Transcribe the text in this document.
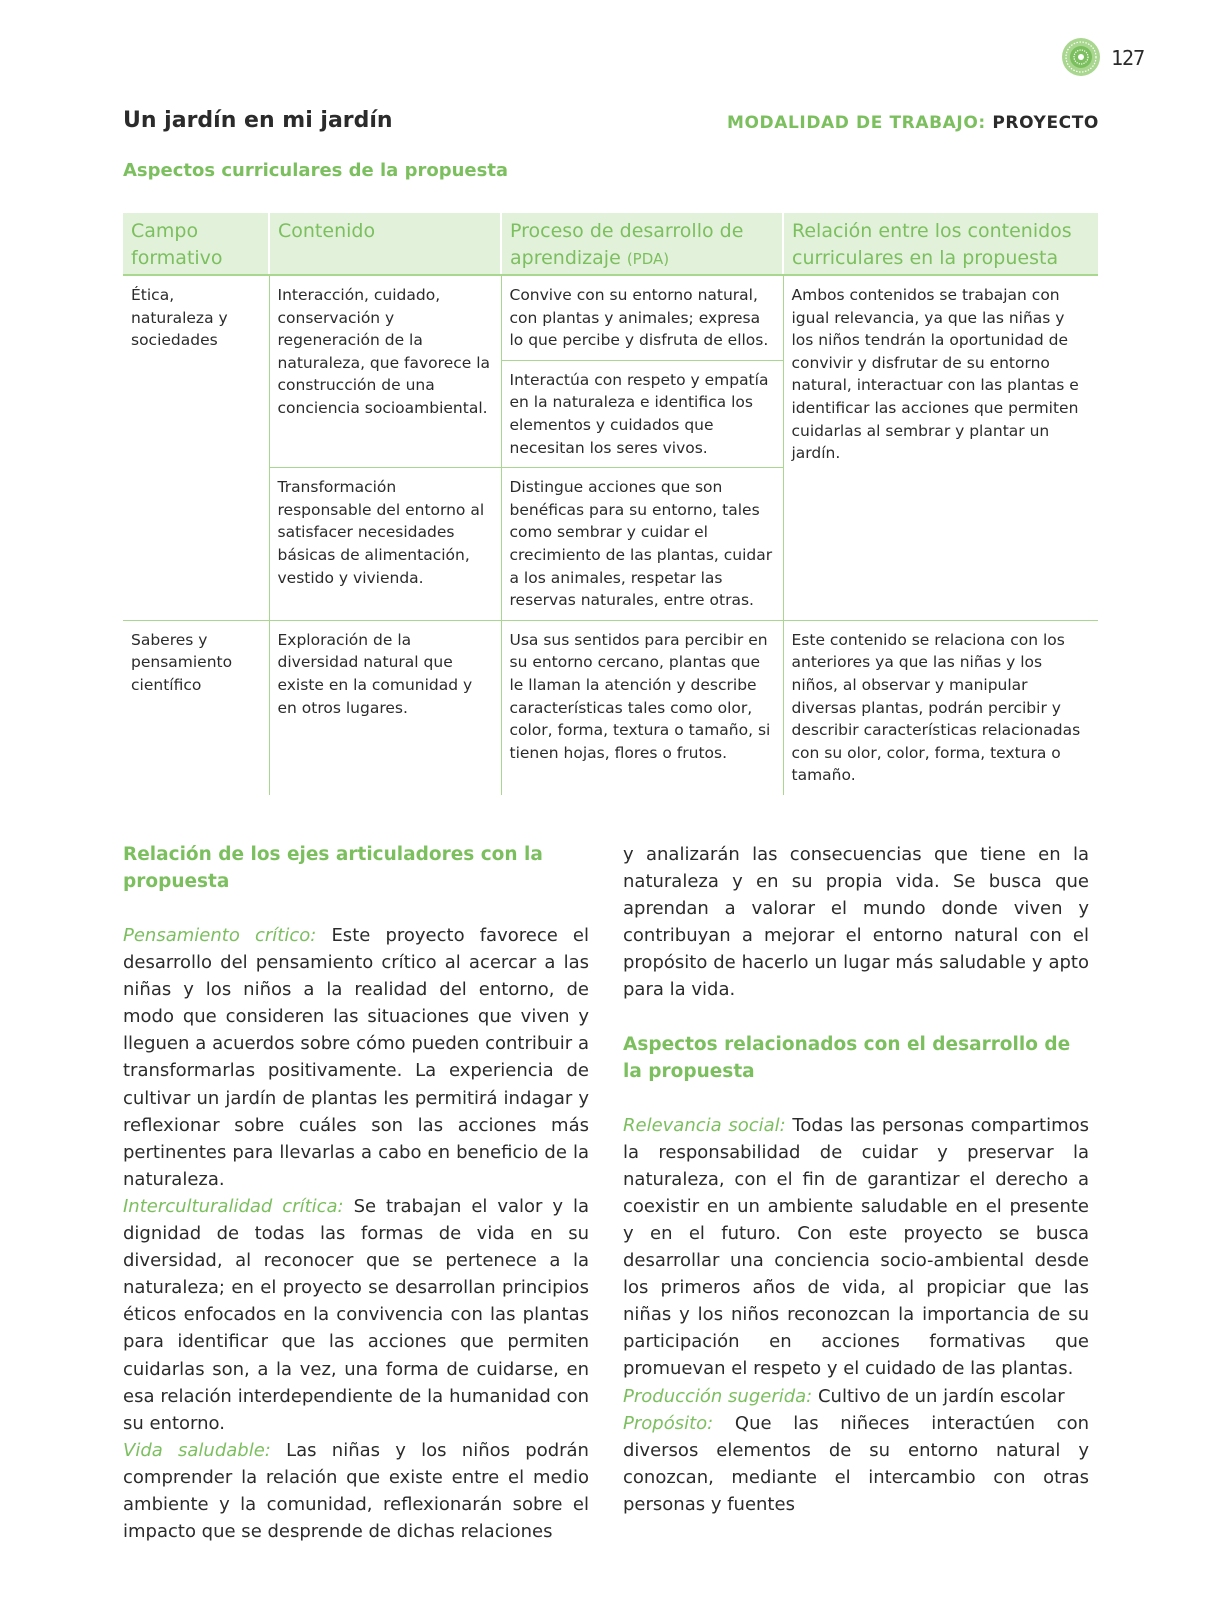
127
Un jardín en mi jardín	MODALIDAD DE TRABAJO: PROYECTO
Aspectos curriculares de la propuesta
Campo formativo	Contenido	Proceso de desarrollo de aprendizaje (PDA)	Relación entre los contenidos curriculares en la propuesta
Ética, naturaleza y sociedades	Interacción, cuidado, conservación y regeneración de la naturaleza, que favorece la construcción de una conciencia socioambiental.	Convive con su entorno natural, con plantas y animales; expresa lo que percibe y disfruta de ellos.	Ambos contenidos se trabajan con igual relevancia, ya que las niñas y los niños tendrán la oportunidad de convivir y disfrutar de su entorno natural, interactuar con las plantas e identificar las acciones que permiten cuidarlas al sembrar y plantar un jardín.
		Interactúa con respeto y empatía en la naturaleza e identifica los elementos y cuidados que necesitan los seres vivos.	
	Transformación responsable del entorno al satisfacer necesidades básicas de alimentación, vestido y vivienda.	Distingue acciones que son benéficas para su entorno, tales como sembrar y cuidar el crecimiento de las plantas, cuidar a los animales, respetar las reservas naturales, entre otras.	
Saberes y pensamiento científico	Exploración de la diversidad natural que existe en la comunidad y en otros lugares.	Usa sus sentidos para percibir en su entorno cercano, plantas que le llaman la atención y describe características tales como olor, color, forma, textura o tamaño, si tienen hojas, flores o frutos.	Este contenido se relaciona con los anteriores ya que las niñas y los niños, al observar y manipular diversas plantas, podrán percibir y describir características relacionadas con su olor, color, forma, textura o tamaño.

Relación de los ejes articuladores con la propuesta

Pensamiento crítico: Este proyecto favorece el desarrollo del pensamiento crítico al acercar a las niñas y los niños a la realidad del entorno, de modo que consideren las situaciones que viven y lleguen a acuerdos sobre cómo pueden contribuir a transformarlas positivamente. La experiencia de cultivar un jardín de plantas les permitirá indagar y reflexionar sobre cuáles son las acciones más pertinentes para llevarlas a cabo en beneficio de la naturaleza.

Interculturalidad crítica: Se trabajan el valor y la dignidad de todas las formas de vida en su diversidad, al reconocer que se pertenece a la naturaleza; en el proyecto se desarrollan principios éticos enfocados en la convivencia con las plantas para identificar que las acciones que permiten cuidarlas son, a la vez, una forma de cuidarse, en esa relación interdependiente de la humanidad con su entorno.

Vida saludable: Las niñas y los niños podrán comprender la relación que existe entre el medio ambiente y la comunidad, reflexionarán sobre el impacto que se desprende de dichas relaciones

y analizarán las consecuencias que tiene en la naturaleza y en su propia vida. Se busca que aprendan a valorar el mundo donde viven y contribuyan a mejorar el entorno natural con el propósito de hacerlo un lugar más saludable y apto para la vida.

Aspectos relacionados con el desarrollo de la propuesta

Relevancia social: Todas las personas compartimos la responsabilidad de cuidar y preservar la naturaleza, con el fin de garantizar el derecho a coexistir en un ambiente saludable en el presente y en el futuro. Con este proyecto se busca desarrollar una conciencia socio-ambiental desde los primeros años de vida, al propiciar que las niñas y los niños reconozcan la importancia de su participación en acciones formativas que promuevan el respeto y el cuidado de las plantas.

Producción sugerida: Cultivo de un jardín escolar

Propósito: Que las niñeces interactúen con diversos elementos de su entorno natural y conozcan, mediante el intercambio con otras personas y fuentes
